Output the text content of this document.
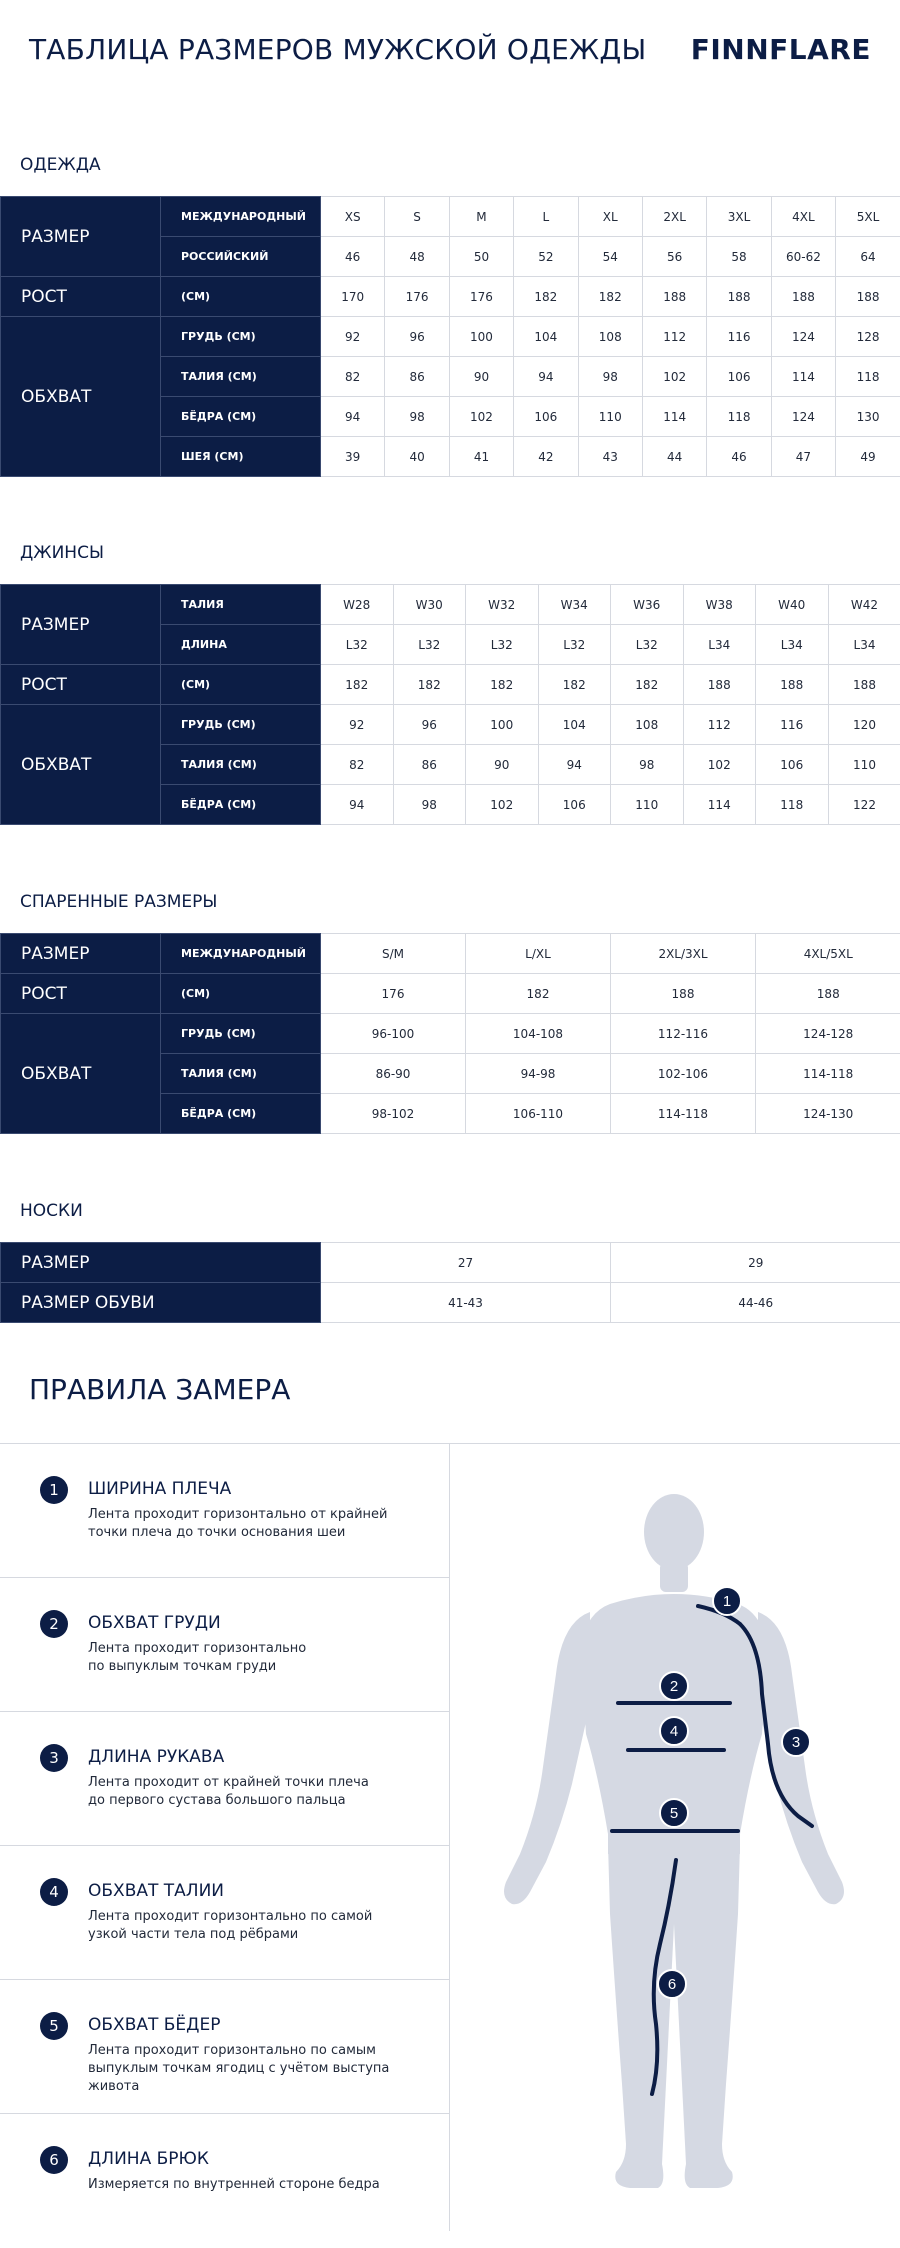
ТАБЛИЦА РАЗМЕРОВ МУЖСКОЙ ОДЕЖДЫ FINNFLARE
ОДЕЖДА
РАЗМЕР	МЕЖДУНАРОДНЫЙ	XS	S	M	L	XL	2XL	3XL	4XL	5XL
	РОССИЙСКИЙ	46	48	50	52	54	56	58	60-62	64
РОСТ	(СМ)	170	176	176	182	182	188	188	188	188
ОБХВАТ	ГРУДЬ (СМ)	92	96	100	104	108	112	116	124	128
	ТАЛИЯ (СМ)	82	86	90	94	98	102	106	114	118
	БЁДРА (СМ)	94	98	102	106	110	114	118	124	130
	ШЕЯ (СМ)	39	40	41	42	43	44	46	47	49
ДЖИНСЫ
РАЗМЕР	ТАЛИЯ	W28	W30	W32	W34	W36	W38	W40	W42
	ДЛИНА	L32	L32	L32	L32	L32	L34	L34	L34
РОСТ	(СМ)	182	182	182	182	182	188	188	188
ОБХВАТ	ГРУДЬ (СМ)	92	96	100	104	108	112	116	120
	ТАЛИЯ (СМ)	82	86	90	94	98	102	106	110
	БЁДРА (СМ)	94	98	102	106	110	114	118	122
СПАРЕННЫЕ РАЗМЕРЫ
РАЗМЕР	МЕЖДУНАРОДНЫЙ	S/M	L/XL	2XL/3XL	4XL/5XL
РОСТ	(СМ)	176	182	188	188
ОБХВАТ	ГРУДЬ (СМ)	96-100	104-108	112-116	124-128
	ТАЛИЯ (СМ)	86-90	94-98	102-106	114-118
	БЁДРА (СМ)	98-102	106-110	114-118	124-130
НОСКИ
РАЗМЕР	27	29
РАЗМЕР ОБУВИ	41-43	44-46
ПРАВИЛА ЗАМЕРА
1	ШИРИНА ПЛЕЧА
Лента проходит горизонтально от крайней
точки плеча до точки основания шеи
2	ОБХВАТ ГРУДИ
Лента проходит горизонтально
по выпуклым точкам груди
3	ДЛИНА РУКАВА
Лента проходит от крайней точки плеча
до первого сустава большого пальца
4	ОБХВАТ ТАЛИИ
Лента проходит горизонтально по самой
узкой части тела под рёбрами
5	ОБХВАТ БЁДЕР
Лента проходит горизонтально по самым
выпуклым точкам ягодиц с учётом выступа живота
6	ДЛИНА БРЮК
Измеряется по внутренней стороне бедра
1
2
3
4
5
6
